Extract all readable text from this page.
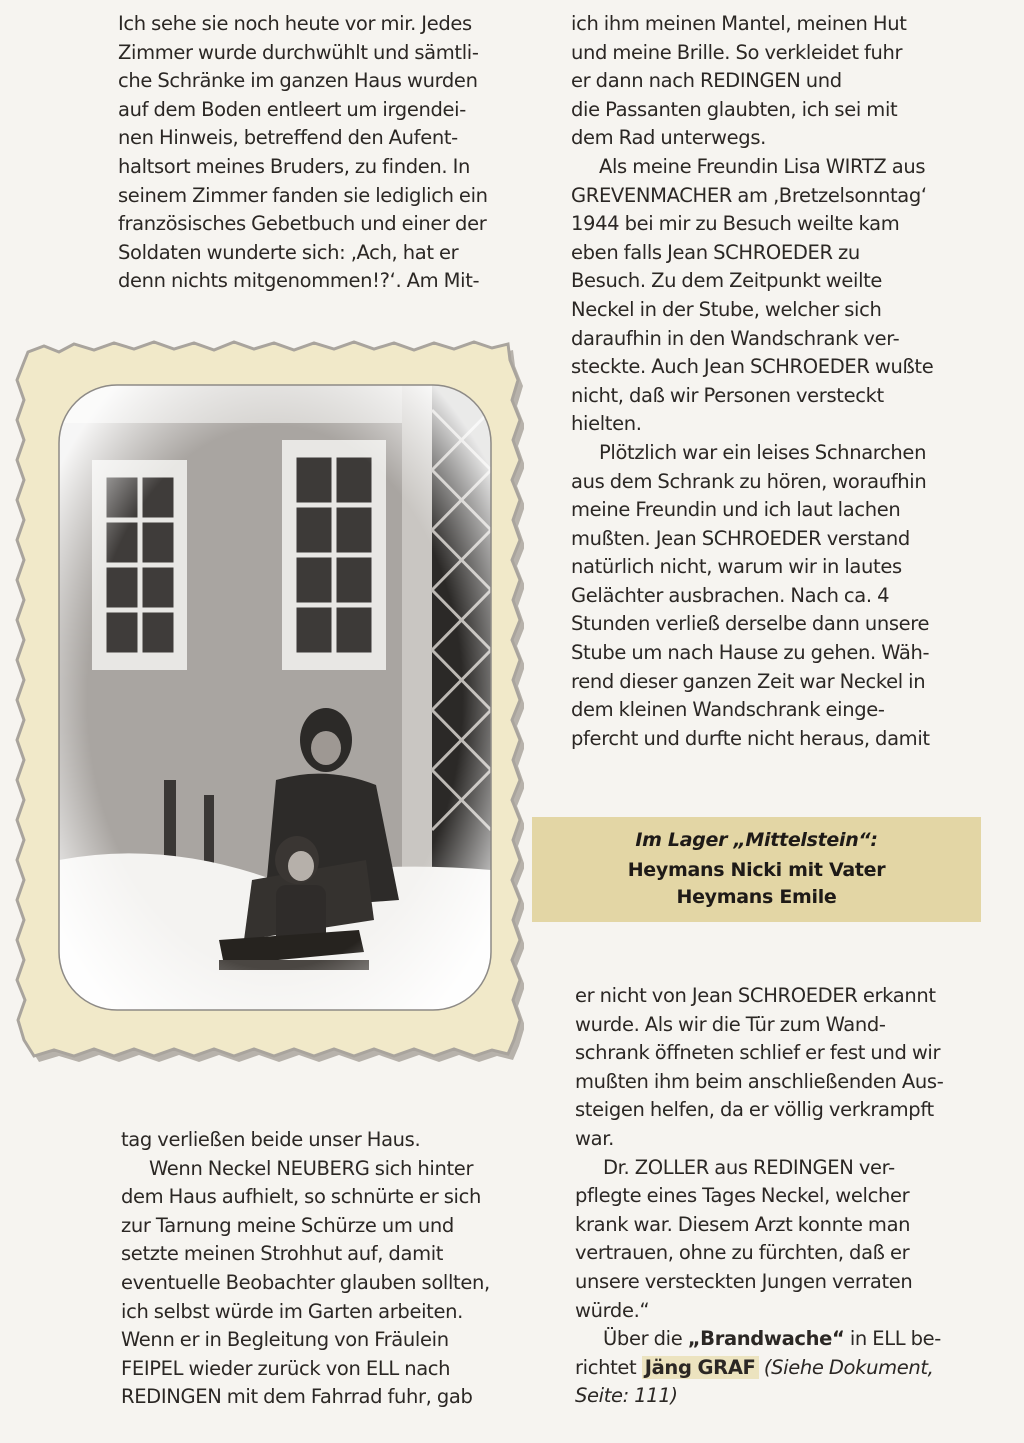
Ich sehe sie noch heute vor mir. Jedes

Zimmer wurde durchwühlt und sämtli-

che Schränke im ganzen Haus wurden

auf dem Boden entleert um irgendei-

nen Hinweis, betreffend den Aufent-

haltsort meines Bruders, zu finden. In

seinem Zimmer fanden sie lediglich ein

französisches Gebetbuch und einer der

Soldaten wunderte sich: ‚Ach, hat er

denn nichts mitgenommen!?‘. Am Mit-

tag verließen beide unser Haus.

Wenn Neckel NEUBERG sich hinter

dem Haus aufhielt, so schnürte er sich

zur Tarnung meine Schürze um und

setzte meinen Strohhut auf, damit

eventuelle Beobachter glauben sollten,

ich selbst würde im Garten arbeiten.

Wenn er in Begleitung von Fräulein

FEIPEL wieder zurück von ELL nach

REDINGEN mit dem Fahrrad fuhr, gab

ich ihm meinen Mantel, meinen Hut

und meine Brille. So verkleidet fuhr

er dann nach REDINGEN und

die Passanten glaubten, ich sei mit

dem Rad unterwegs.

Als meine Freundin Lisa WIRTZ aus

GREVENMACHER am ‚Bretzelsonntag‘

1944 bei mir zu Besuch weilte kam

eben falls Jean SCHROEDER zu

Besuch. Zu dem Zeitpunkt weilte

Neckel in der Stube, welcher sich

daraufhin in den Wandschrank ver-

steckte. Auch Jean SCHROEDER wußte

nicht, daß wir Personen versteckt

hielten.

Plötzlich war ein leises Schnarchen

aus dem Schrank zu hören, woraufhin

meine Freundin und ich laut lachen

mußten. Jean SCHROEDER verstand

natürlich nicht, warum wir in lautes

Gelächter ausbrachen. Nach ca. 4

Stunden verließ derselbe dann unsere

Stube um nach Hause zu gehen. Wäh-

rend dieser ganzen Zeit war Neckel in

dem kleinen Wandschrank einge-

pfercht und durfte nicht heraus, damit

Im Lager „Mittelstein“:
Heymans Nicki mit Vater
Heymans Emile

er nicht von Jean SCHROEDER erkannt

wurde. Als wir die Tür zum Wand-

schrank öffneten schlief er fest und wir

mußten ihm beim anschließenden Aus-

steigen helfen, da er völlig verkrampft

war.

Dr. ZOLLER aus REDINGEN ver-

pflegte eines Tages Neckel, welcher

krank war. Diesem Arzt konnte man

vertrauen, ohne zu fürchten, daß er

unsere versteckten Jungen verraten

würde.“

Über die „Brandwache“ in ELL be-

richtet Jäng GRAF (Siehe Dokument,

Seite: 111)
